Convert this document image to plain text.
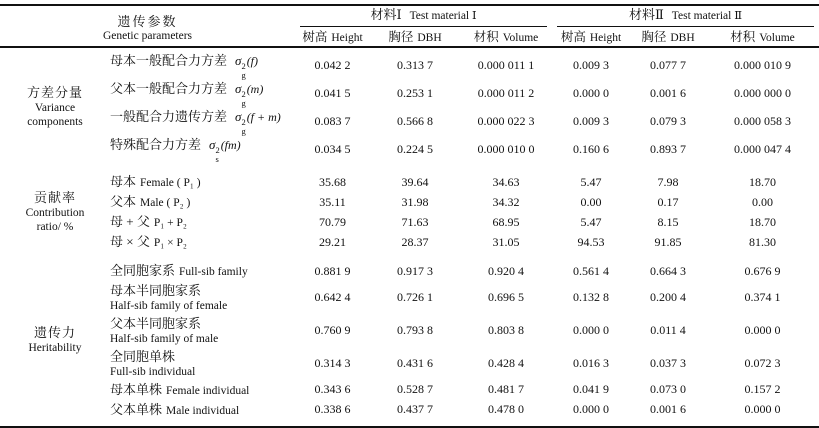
遗传参数
Genetic parameters
材料Ⅰ Test material Ⅰ	材料Ⅱ Test material Ⅱ
树高 Height	胸径 DBH	材积 Volume	树高 Height	胸径 DBH	材积 Volume
方差分量
Variance
components
母本一般配合力方差 σ 2
g
(f)	0.042 2	0.313 7	0.000 011 1	0.009 3	0.077 7	0.000 010 9
父本一般配合力方差 σ 2
g
(m)	0.041 5	0.253 1	0.000 011 2	0.000 0	0.001 6	0.000 000 0
一般配合力遗传方差 σ 2
g
(f + m)	0.083 7	0.566 8	0.000 022 3	0.009 3	0.079 3	0.000 058 3
特殊配合力方差 σ 2
s
(fm)	0.034 5	0.224 5	0.000 010 0	0.160 6	0.893 7	0.000 047 4
贡献率
Contribution
ratio/ %
母本 Female ( P₁ )	35.68	39.64	34.63	5.47	7.98	18.70
父本 Male ( P₂ )	35.11	31.98	34.32	0.00	0.17	0.00
母 + 父 P₁ + P₂	70.79	71.63	68.95	5.47	8.15	18.70
母 × 父 P₁ × P₂	29.21	28.37	31.05	94.53	91.85	81.30
遗传力
Heritability
全同胞家系 Full-sib family	0.881 9	0.917 3	0.920 4	0.561 4	0.664 3	0.676 9
母本半同胞家系
Half-sib family of female
0.642 4	0.726 1	0.696 5	0.132 8	0.200 4	0.374 1
父本半同胞家系
Half-sib family of male
0.760 9	0.793 8	0.803 8	0.000 0	0.011 4	0.000 0
全同胞单株
Full-sib individual
0.314 3	0.431 6	0.428 4	0.016 3	0.037 3	0.072 3
母本单株 Female individual	0.343 6	0.528 7	0.481 7	0.041 9	0.073 0	0.157 2
父本单株 Male individual	0.338 6	0.437 7	0.478 0	0.000 0	0.001 6	0.000 0
